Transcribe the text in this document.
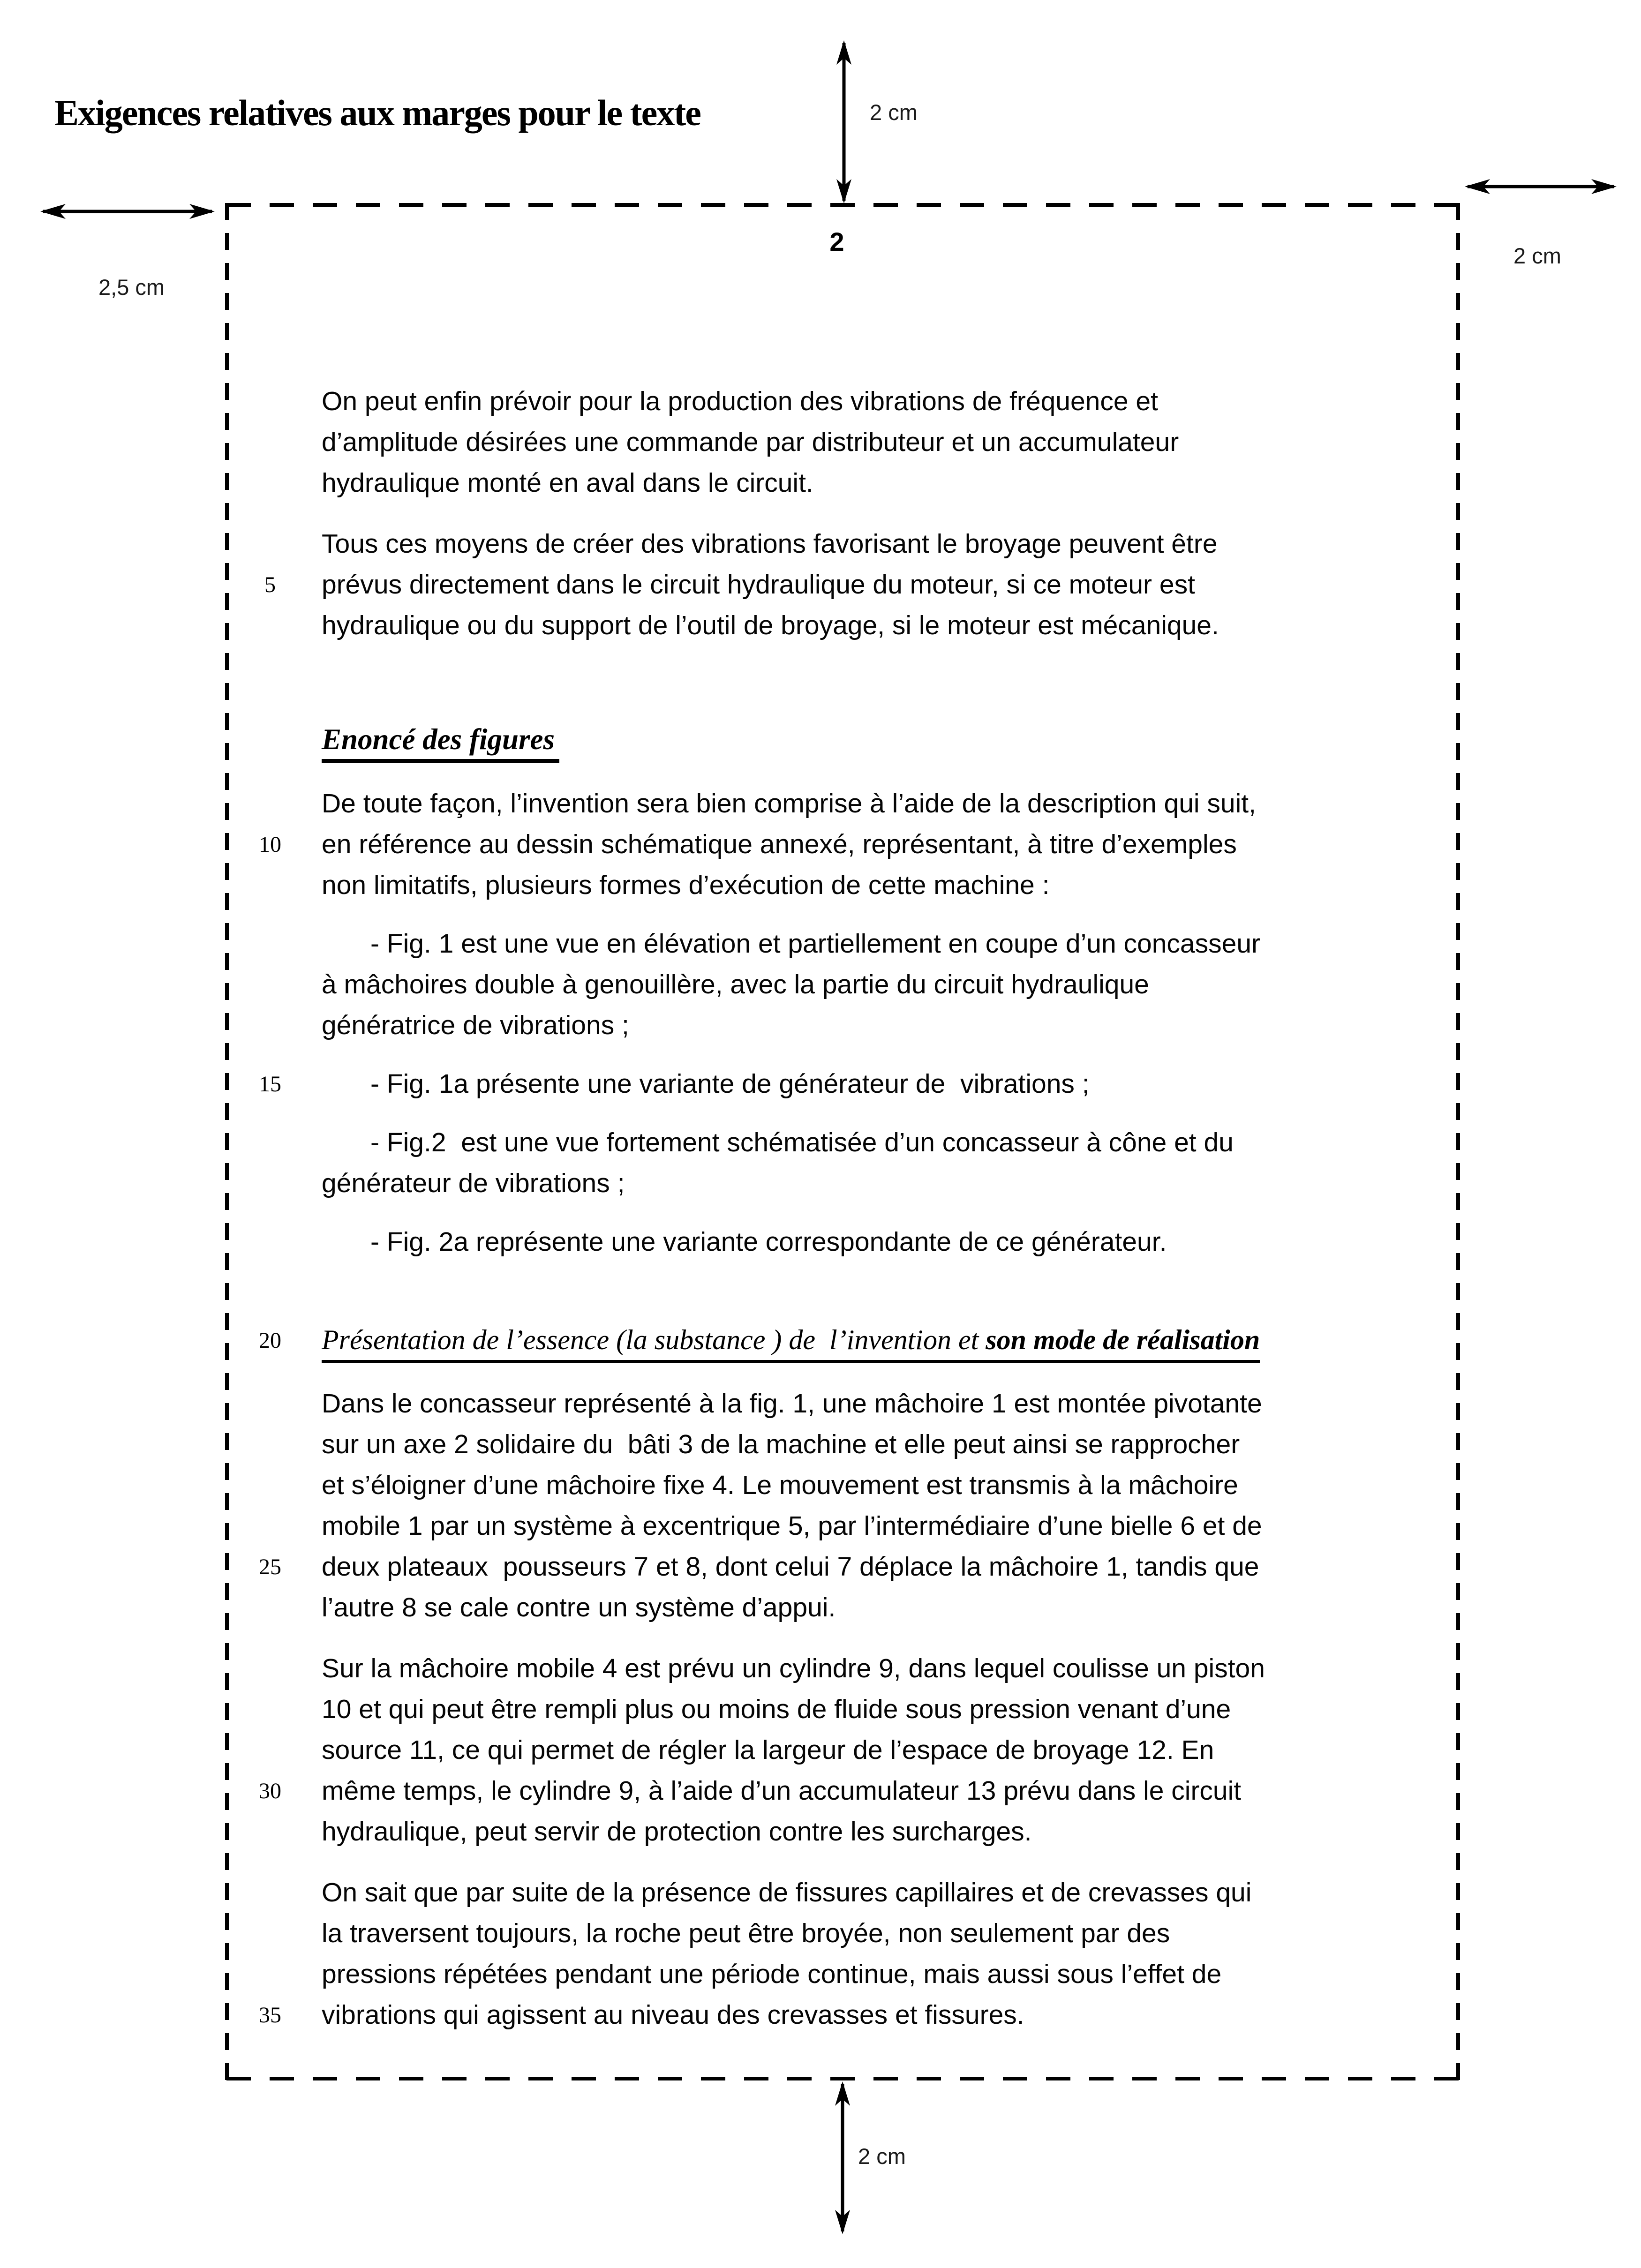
Exigences relatives aux marges pour le texte	2 cm
2,5 cm
2 cm
2 cm
2
On peut enfin prévoir pour la production des vibrations de fréquence et
d’amplitude désirées une commande par distributeur et un accumulateur
hydraulique monté en aval dans le circuit.
Tous ces moyens de créer des vibrations favorisant le broyage peuvent être
5	prévus directement dans le circuit hydraulique du moteur, si ce moteur est
hydraulique ou du support de l’outil de broyage, si le moteur est mécanique.
Enoncé des figures
De toute façon, l’invention sera bien comprise à l’aide de la description qui suit,
10	en référence au dessin schématique annexé, représentant, à titre d’exemples
non limitatifs, plusieurs formes d’exécution de cette machine :
- Fig. 1 est une vue en élévation et partiellement en coupe d’un concasseur
à mâchoires double à genouillère, avec la partie du circuit hydraulique
génératrice de vibrations ;
15	- Fig. 1a présente une variante de générateur de  vibrations ;
- Fig.2  est une vue fortement schématisée d’un concasseur à cône et du
générateur de vibrations ;
- Fig. 2a représente une variante correspondante de ce générateur.
20	Présentation de l’essence (la substance ) de  l’invention et son mode de réalisation
Dans le concasseur représenté à la fig. 1, une mâchoire 1 est montée pivotante
sur un axe 2 solidaire du  bâti 3 de la machine et elle peut ainsi se rapprocher
et s’éloigner d’une mâchoire fixe 4. Le mouvement est transmis à la mâchoire
mobile 1 par un système à excentrique 5, par l’intermédiaire d’une bielle 6 et de
25	deux plateaux  pousseurs 7 et 8, dont celui 7 déplace la mâchoire 1, tandis que
l’autre 8 se cale contre un système d’appui.
Sur la mâchoire mobile 4 est prévu un cylindre 9, dans lequel coulisse un piston
10 et qui peut être rempli plus ou moins de fluide sous pression venant d’une
source 11, ce qui permet de régler la largeur de l’espace de broyage 12. En
30	même temps, le cylindre 9, à l’aide d’un accumulateur 13 prévu dans le circuit
hydraulique, peut servir de protection contre les surcharges.
On sait que par suite de la présence de fissures capillaires et de crevasses qui
la traversent toujours, la roche peut être broyée, non seulement par des
pressions répétées pendant une période continue, mais aussi sous l’effet de
35	vibrations qui agissent au niveau des crevasses et fissures.
